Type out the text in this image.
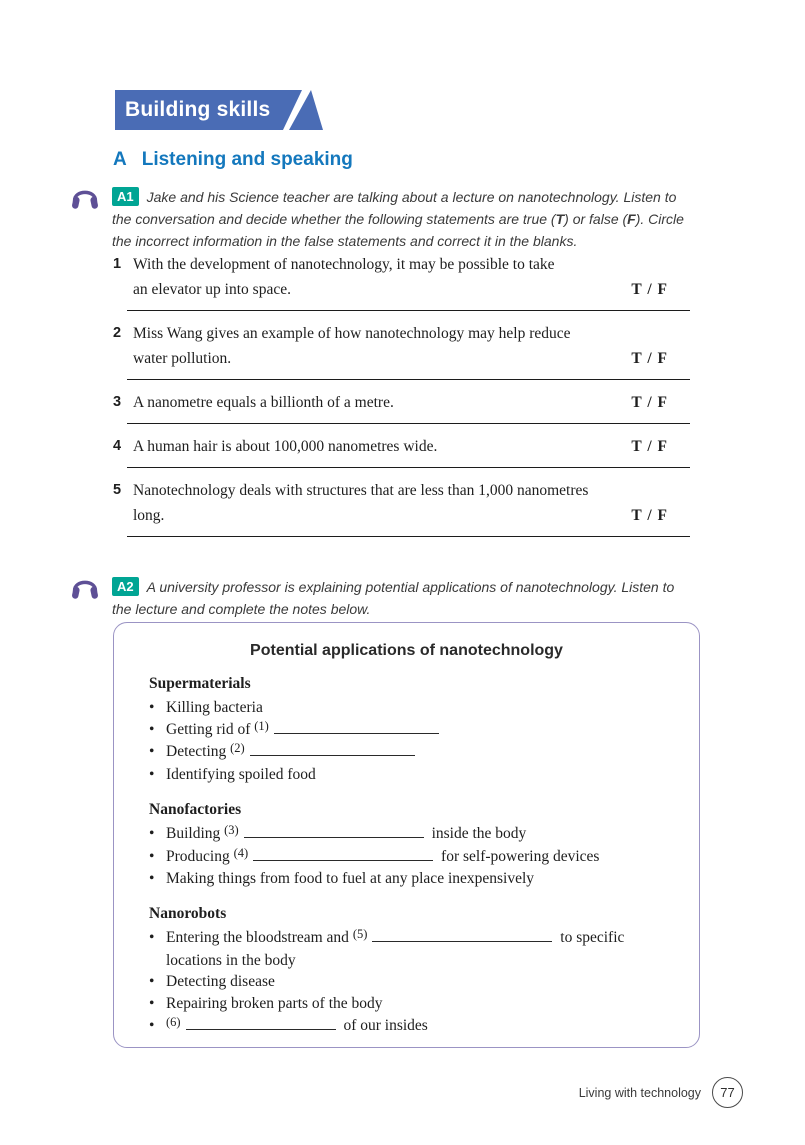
Building skills
A Listening and speaking
A1 Jake and his Science teacher are talking about a lecture on nanotechnology. Listen to the conversation and decide whether the following statements are true (T) or false (F). Circle the incorrect information in the false statements and correct it in the blanks.
1 With the development of nanotechnology, it may be possible to take
an elevator up into space.	T / F
2 Miss Wang gives an example of how nanotechnology may help reduce
water pollution.	T / F
3 A nanometre equals a billionth of a metre.	T / F
4 A human hair is about 100,000 nanometres wide.	T / F
5 Nanotechnology deals with structures that are less than 1,000 nanometres
long.	T / F
A2 A university professor is explaining potential applications of nanotechnology. Listen to the lecture and complete the notes below.
Potential applications of nanotechnology
Supermaterials
• Killing bacteria
• Getting rid of $^{(1)}$
• Detecting $^{(2)}$
• Identifying spoiled food
Nanofactories
• Building $^{(3)}$	inside the body
• Producing $^{(4)}$	for self-powering devices
• Making things from food to fuel at any place inexpensively
Nanorobots
• Entering the bloodstream and $^{(5)}$	to specific locations in the body
• Detecting disease
• Repairing broken parts of the body
• $^{(6)}$	of our insides
Living with technology 77
